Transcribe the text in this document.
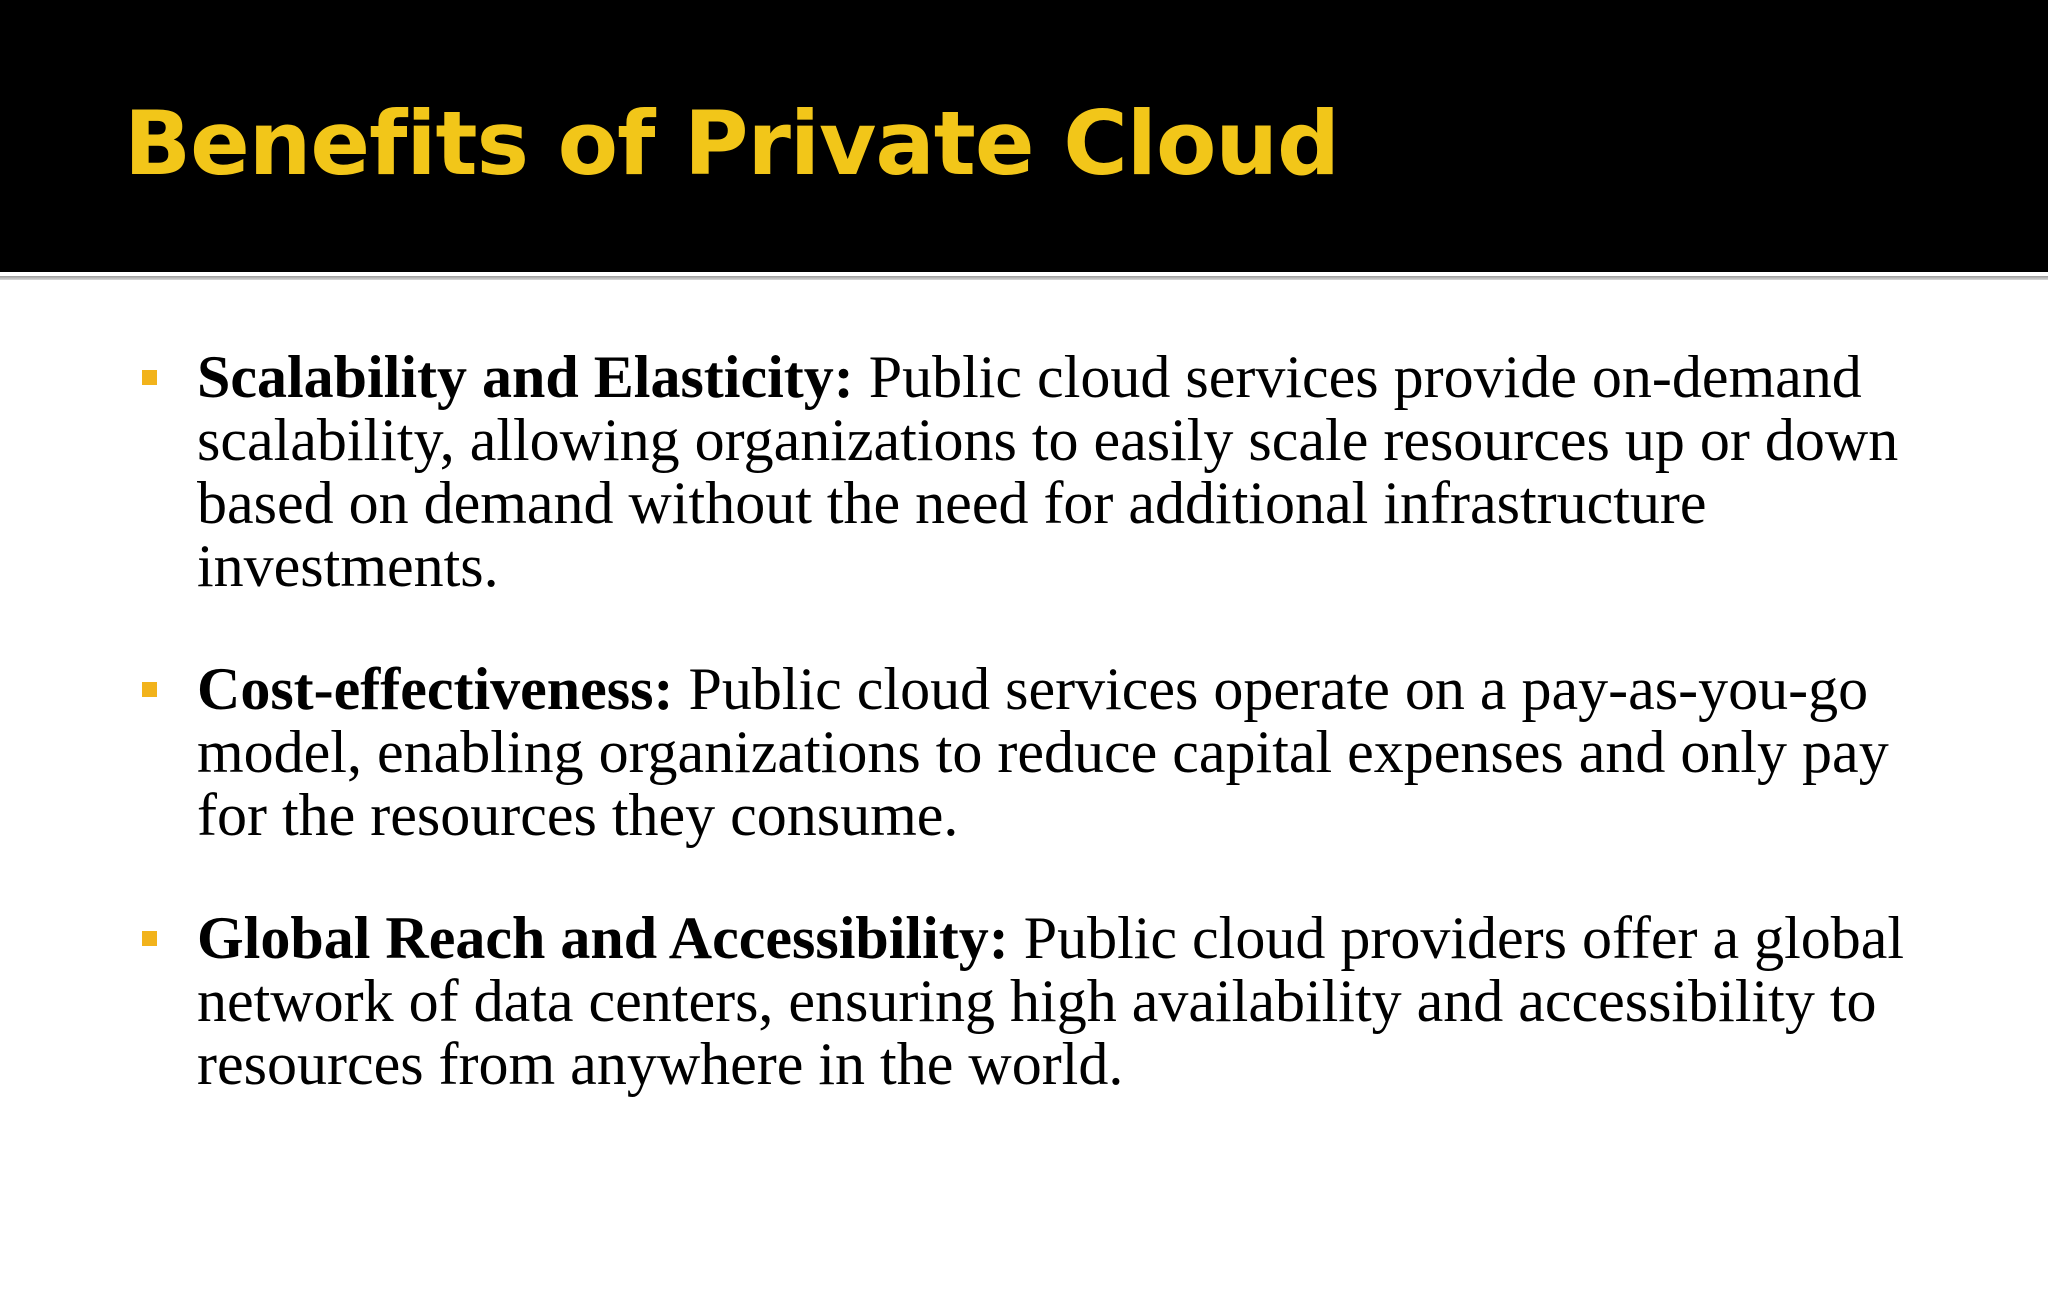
Benefits of Private Cloud
Scalability and Elasticity: Public cloud services provide on-demand scalability, allowing organizations to easily scale resources up or down based on demand without the need for additional infrastructure investments.
Cost-effectiveness: Public cloud services operate on a pay-as-you-go model, enabling organizations to reduce capital expenses and only pay for the resources they consume.
Global Reach and Accessibility: Public cloud providers offer a global network of data centers, ensuring high availability and accessibility to resources from anywhere in the world.
